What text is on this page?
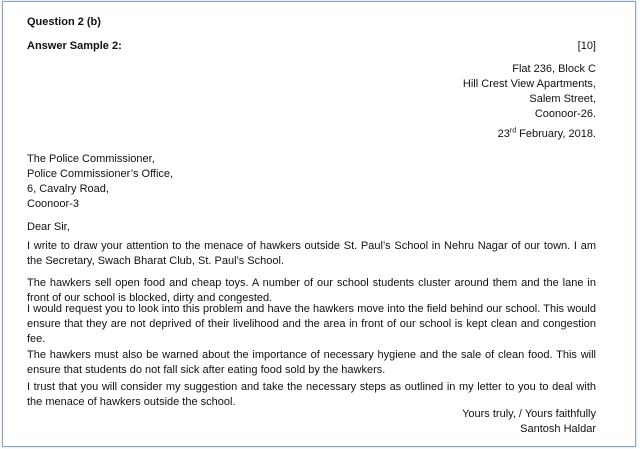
Question 2 (b)
Answer Sample 2:	[10]
Flat 236, Block C
Hill Crest View Apartments,
Salem Street,
Coonoor-26.
23rd February, 2018.
The Police Commissioner,
Police Commissioner’s Office,
6, Cavalry Road,
Coonoor-3
Dear Sir,
I write to draw your attention to the menace of hawkers outside St. Paul’s School in Nehru Nagar of our town. I am the Secretary, Swach Bharat Club, St. Paul’s School.
The hawkers sell open food and cheap toys. A number of our school students cluster around them and the lane in front of our school is blocked, dirty and congested.
I would request you to look into this problem and have the hawkers move into the field behind our school. This would ensure that they are not deprived of their livelihood and the area in front of our school is kept clean and congestion fee.
The hawkers must also be warned about the importance of necessary hygiene and the sale of clean food. This will ensure that students do not fall sick after eating food sold by the hawkers.
I trust that you will consider my suggestion and take the necessary steps as outlined in my letter to you to deal with the menace of hawkers outside the school.
Yours truly, / Yours faithfully
Santosh Haldar
